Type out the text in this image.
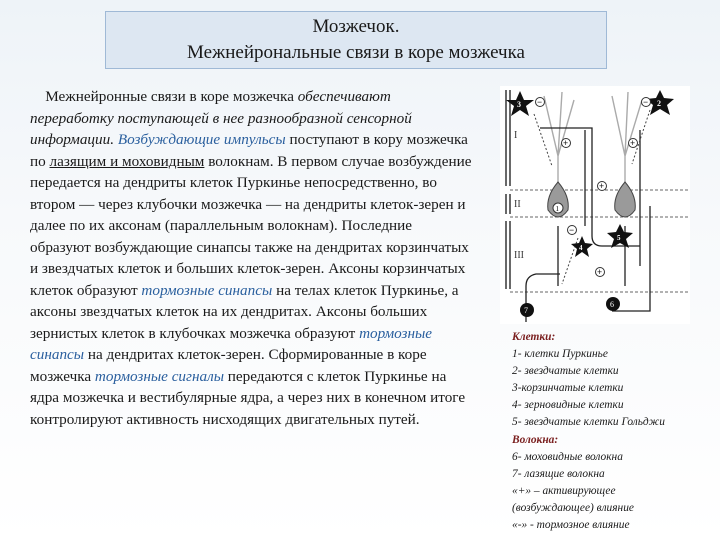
Мозжечок.
Межнейрональные связи в коре мозжечка
Межнейронные связи в коре мозжечка обеспечивают переработку поступающей в нее разнообразной сенсорной информации. Возбуждающие импульсы поступают в кору мозжечка по лазящим и моховидным волокнам. В первом случае возбуждение передается на дендриты клеток Пуркинье непосредственно, во втором — через клубочки мозжечка — на дендриты клеток-зерен и далее по их аксонам (параллельным волокнам). Последние образуют возбуждающие синапсы также на дендритах корзинчатых и звездчатых клеток и больших клеток-зерен. Аксоны корзинчатых клеток образуют тормозные синапсы на телах клеток Пуркинье, а аксоны звездчатых клеток на их дендритах. Аксоны больших зернистых клеток в клубочках мозжечка образуют тормозные синапсы на дендритах клеток-зерен. Сформированные в коре мозжечка тормозные сигналы передаются с клеток Пуркинье на ядра мозжечка и вестибулярные ядра, а через них в конечном итоге контролируют активность нисходящих двигательных путей.
I
II
III
3	2
4
5
1
6
7
−	−
+	+
+
−
+
Клетки:
1- клетки Пуркинье
2- звездчатые клетки
3-корзинчатые клетки
4- зерновидные клетки
5- звездчатые клетки Гольджи
Волокна:
6- моховидные волокна
7- лазящие волокна
«+» – активирующее
(возбуждающее) влияние
«-» - тормозное влияние
